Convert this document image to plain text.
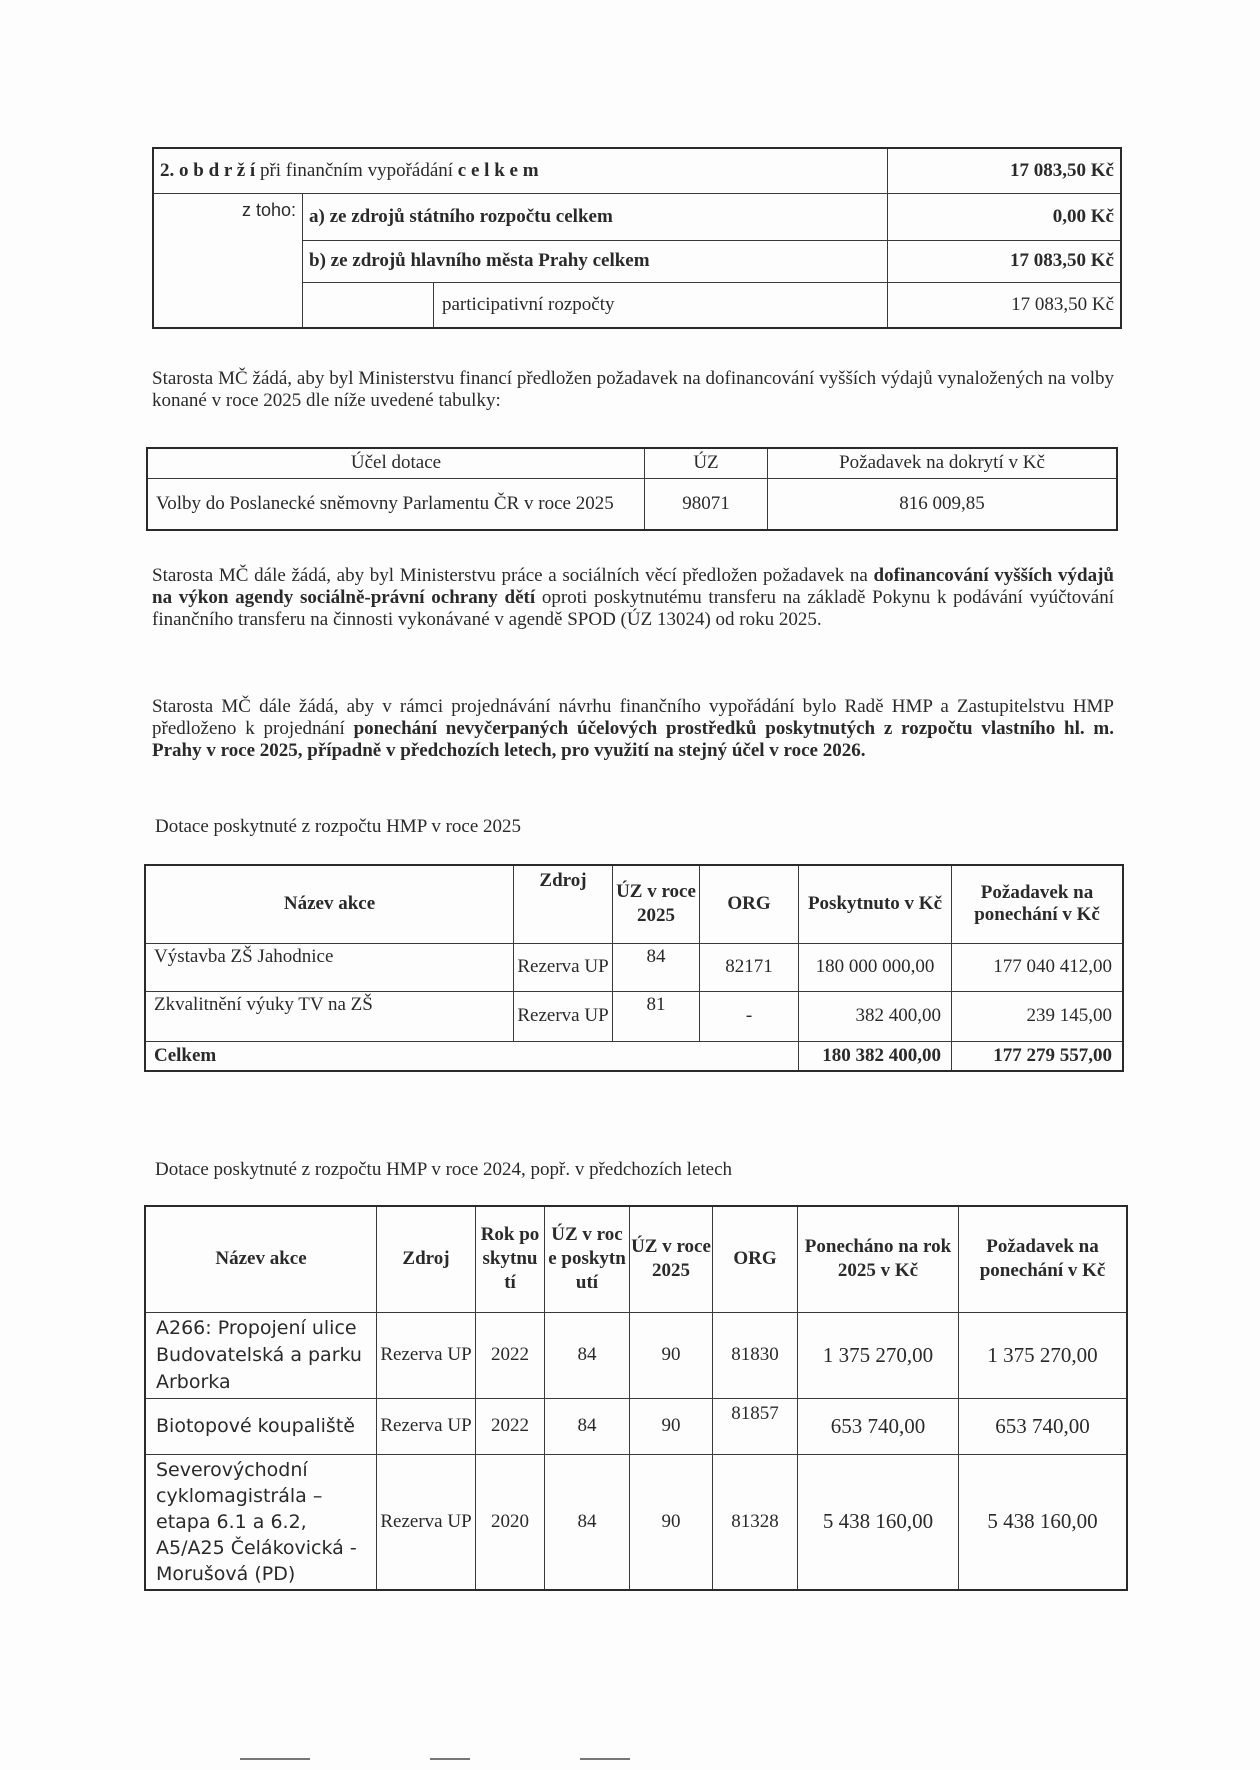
2. o b d r ž í při finančním vypořádání c e l k e m			17 083,50 Kč
z toho:	a) ze zdrojů státního rozpočtu celkem		0,00 Kč
	b) ze zdrojů hlavního města Prahy celkem		17 083,50 Kč
		participativní rozpočty	17 083,50 Kč

Starosta MČ žádá, aby byl Ministerstvu financí předložen požadavek na dofinancování vyšších výdajů vynaložených na volby konané v roce 2025 dle níže uvedené tabulky:

Účel dotace	ÚZ	Požadavek na dokrytí v Kč
Volby do Poslanecké sněmovny Parlamentu ČR v roce 2025	98071	816 009,85

Starosta MČ dále žádá, aby byl Ministerstvu práce a sociálních věcí předložen požadavek na dofinancování vyšších výdajů na výkon agendy sociálně-právní ochrany dětí oproti poskytnutému transferu na základě Pokynu k podávání vyúčtování finančního transferu na činnosti vykonávané v agendě SPOD (ÚZ 13024) od roku 2025.

Starosta MČ dále žádá, aby v rámci projednávání návrhu finančního vypořádání bylo Radě HMP a Zastupitelstvu HMP předloženo k projednání ponechání nevyčerpaných účelových prostředků poskytnutých z rozpočtu vlastního hl. m. Prahy v roce 2025, případně v předchozích letech, pro využití na stejný účel v roce 2026.

Dotace poskytnuté z rozpočtu HMP v roce 2025

Název akce	Zdroj	ÚZ v roce 2025	ORG	Poskytnuto v Kč	Požadavek na ponechání v Kč
Výstavba ZŠ Jahodnice	Rezerva UP	84	82171	180 000 000,00	177 040 412,00
Zkvalitnění výuky TV na ZŠ	Rezerva UP	81	-	382 400,00	239 145,00
Celkem				180 382 400,00	177 279 557,00

Dotace poskytnuté z rozpočtu HMP v roce 2024, popř. v předchozích letech

Název akce	Zdroj	Rok poskytnutí	ÚZ v roce poskytnutí	ÚZ v roce 2025	ORG	Ponecháno na rok 2025 v Kč	Požadavek na ponechání v Kč
A266: Propojení ulice Budovatelská a parku Arborka	Rezerva UP	2022	84	90	81830	1 375 270,00	1 375 270,00
Biotopové koupaliště	Rezerva UP	2022	84	90	81857	653 740,00	653 740,00
Severovýchodní cyklomagistrála – etapa 6.1 a 6.2, A5/A25 Čelákovická - Morušová (PD)	Rezerva UP	2020	84	90	81328	5 438 160,00	5 438 160,00
